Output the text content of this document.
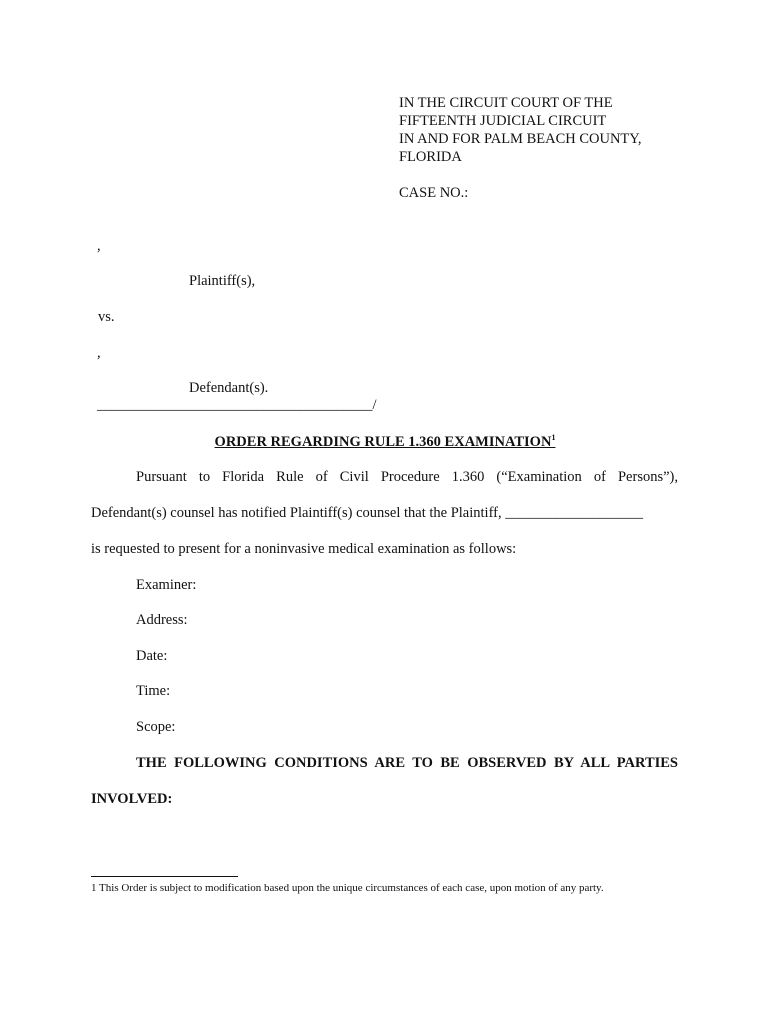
IN THE CIRCUIT COURT OF THE
FIFTEENTH JUDICIAL CIRCUIT
IN AND FOR PALM BEACH COUNTY,
FLORIDA
CASE NO.:
,
Plaintiff(s),
vs.
,
Defendant(s).
______________________________________/
ORDER REGARDING RULE 1.360 EXAMINATION$^1$
Pursuant to Florida Rule of Civil Procedure 1.360 (“Examination of Persons”),
Defendant(s) counsel has notified Plaintiff(s) counsel that the Plaintiff, ___________________
is requested to present for a noninvasive medical examination as follows:
Examiner:
Address:
Date:
Time:
Scope:
THE FOLLOWING CONDITIONS ARE TO BE OBSERVED BY ALL PARTIES
INVOLVED:
1 This Order is subject to modification based upon the unique circumstances of each case, upon motion of any party.
